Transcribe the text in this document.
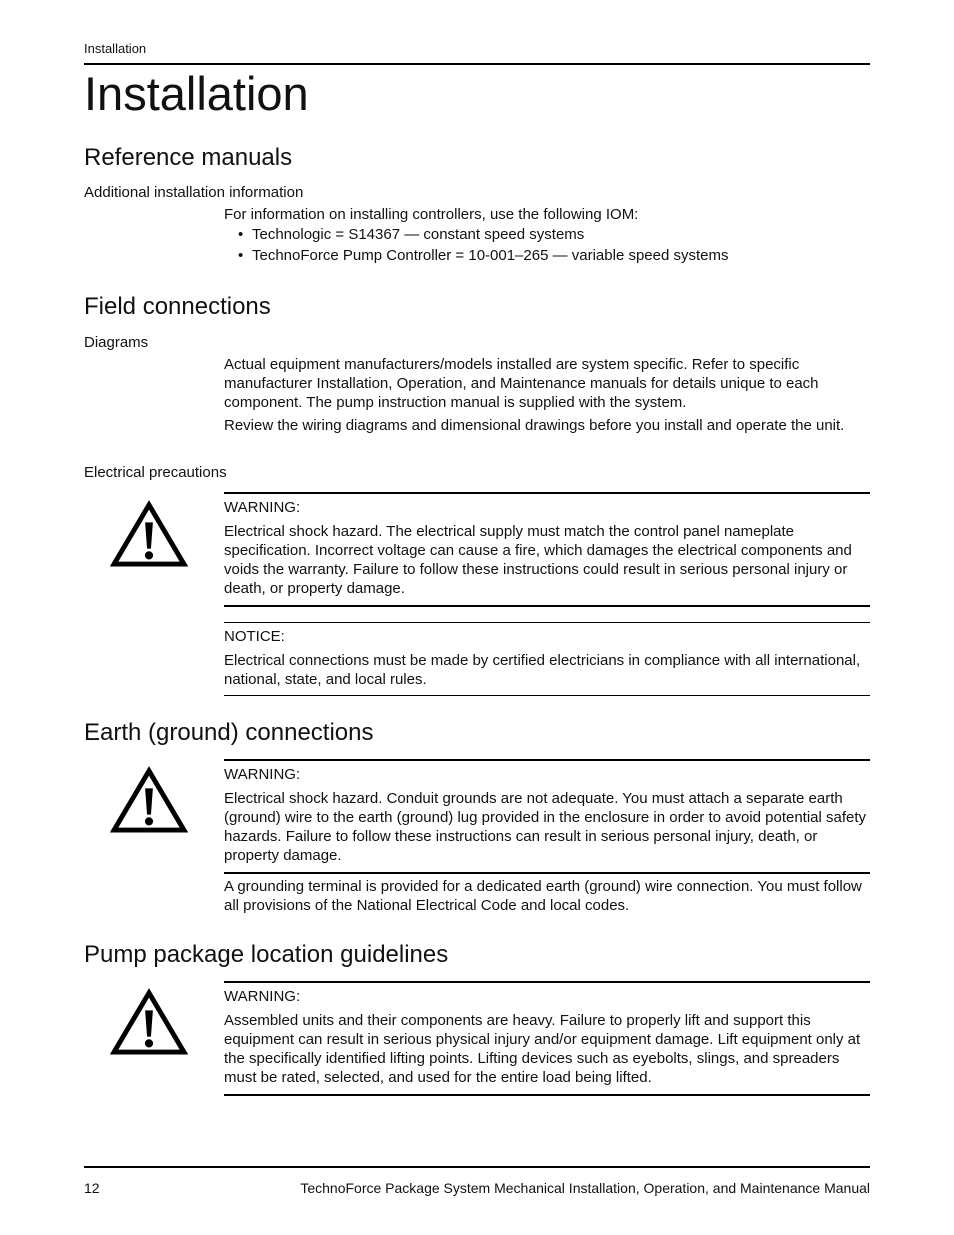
Installation
Installation
Reference manuals
Additional installation information

For information on installing controllers, use the following IOM:

• Technologic = S14367 — constant speed systems
• TechnoForce Pump Controller = 10-001–265 — variable speed systems
Field connections
Diagrams

Actual equipment manufacturers/models installed are system specific. Refer to specific manufacturer Installation, Operation, and Maintenance manuals for details unique to each component. The pump instruction manual is supplied with the system.

Review the wiring diagrams and dimensional drawings before you install and operate the unit.

Electrical precautions

WARNING:

Electrical shock hazard. The electrical supply must match the control panel nameplate specification. Incorrect voltage can cause a fire, which damages the electrical components and voids the warranty. Failure to follow these instructions could result in serious personal injury or death, or property damage.

NOTICE:

Electrical connections must be made by certified electricians in compliance with all international, national, state, and local rules.

Earth (ground) connections

WARNING:

Electrical shock hazard. Conduit grounds are not adequate. You must attach a separate earth (ground) wire to the earth (ground) lug provided in the enclosure in order to avoid potential safety hazards. Failure to follow these instructions can result in serious personal injury, death, or property damage.

A grounding terminal is provided for a dedicated earth (ground) wire connection. You must follow all provisions of the National Electrical Code and local codes.

Pump package location guidelines

WARNING:

Assembled units and their components are heavy. Failure to properly lift and support this equipment can result in serious physical injury and/or equipment damage. Lift equipment only at the specifically identified lifting points. Lifting devices such as eyebolts, slings, and spreaders must be rated, selected, and used for the entire load being lifted.

12	TechnoForce Package System Mechanical Installation, Operation, and Maintenance Manual
